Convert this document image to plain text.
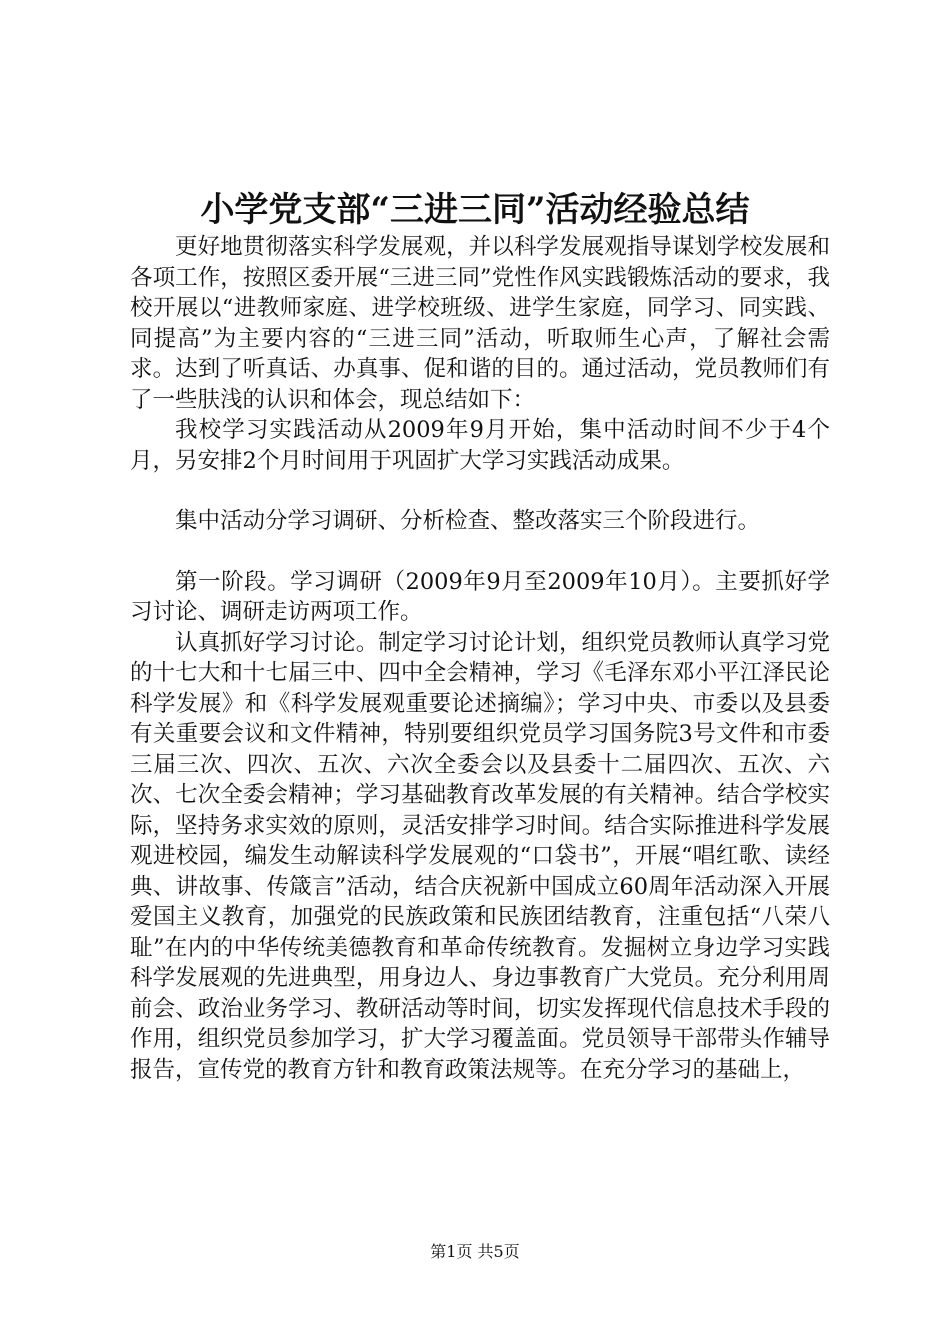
小学党支部“三进三同”活动经验总结

更好地贯彻落实科学发展观，并以科学发展观指导谋划学校发展和各项工作，按照区委开展“三进三同”党性作风实践锻炼活动的要求，我校开展以“进教师家庭、进学校班级、进学生家庭，同学习、同实践、同提高”为主要内容的“三进三同”活动，听取师生心声，了解社会需求。达到了听真话、办真事、促和谐的目的。通过活动，党员教师们有了一些肤浅的认识和体会，现总结如下：

我校学习实践活动从2009年9月开始，集中活动时间不少于4个月，另安排2个月时间用于巩固扩大学习实践活动成果。

集中活动分学习调研、分析检查、整改落实三个阶段进行。

第一阶段。学习调研（2009年9月至2009年10月）。主要抓好学习讨论、调研走访两项工作。

认真抓好学习讨论。制定学习讨论计划，组织党员教师认真学习党的十七大和十七届三中、四中全会精神，学习《毛泽东邓小平江泽民论科学发展》和《科学发展观重要论述摘编》；学习中央、市委以及县委有关重要会议和文件精神，特别要组织党员学习国务院3号文件和市委三届三次、四次、五次、六次全委会以及县委十二届四次、五次、六次、七次全委会精神；学习基础教育改革发展的有关精神。结合学校实际，坚持务求实效的原则，灵活安排学习时间。结合实际推进科学发展观进校园，编发生动解读科学发展观的“口袋书”，开展“唱红歌、读经典、讲故事、传箴言”活动，结合庆祝新中国成立60周年活动深入开展爱国主义教育，加强党的民族政策和民族团结教育，注重包括“八荣八耻”在内的中华传统美德教育和革命传统教育。发掘树立身边学习实践科学发展观的先进典型，用身边人、身边事教育广大党员。充分利用周前会、政治业务学习、教研活动等时间，切实发挥现代信息技术手段的作用，组织党员参加学习，扩大学习覆盖面。党员领导干部带头作辅导报告，宣传党的教育方针和教育政策法规等。在充分学习的基础上，

第1页 共5页
